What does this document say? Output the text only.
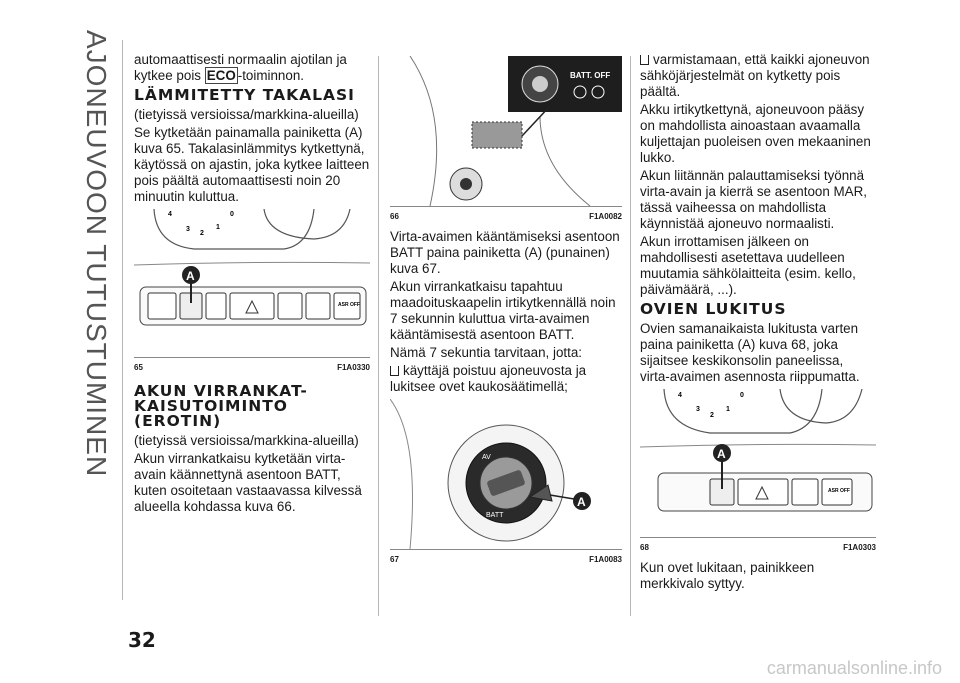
AJONEUVOON TUTUSTUMINEN automaattisesti normaalin ajotilan ja kytkee pois ECO -toiminnon.

LÄMMITETTY TAKALASI

(tietyissä versioissa/markkina-alueilla)

Se kytketään painamalla painiketta (A) kuva 65. Takalasinlämmitys kytkettynä, käytössä on ajastin, joka kytkee laitteen pois päältä automaattisesti noin 20 minuutin kuluttua.

4
3
2
1
0
ASR OFF
A
65	F1A0330
AKUN VIRRANKAT-KAISUTOIMINTO (EROTIN)

(tietyissä versioissa/markkina-alueilla)

Akun virrankatkaisu kytketään virta-avain käännettynä asentoon BATT, kuten osoitetaan vastaavassa kilvessä alueella kohdassa kuva 66.

BATT. OFF
66	F1A0082

Virta-avaimen kääntämiseksi asentoon BATT paina painiketta (A) (punainen) kuva 67.

Akun virrankatkaisu tapahtuu maadoituskaapelin irtikytkennällä noin 7 sekunnin kuluttua virta-avaimen kääntämisestä asentoon BATT.

Nämä 7 sekuntia tarvitaan, jotta:

käyttäjä poistuu ajoneuvosta ja lukitsee ovet kaukosäätimellä;

BATT
AV
A
67	F1A0083

varmistamaan, että kaikki ajoneuvon sähköjärjestelmät on kytketty pois päältä.

Akku irtikytkettynä, ajoneuvoon pääsy on mahdollista ainoastaan avaamalla kuljettajan puoleisen oven mekaaninen lukko.

Akun liitännän palauttamiseksi työnnä virta-avain ja kierrä se asentoon MAR, tässä vaiheessa on mahdollista käynnistää ajoneuvo normaalisti.

Akun irrottamisen jälkeen on mahdollisesti asetettava uudelleen muutamia sähkölaitteita (esim. kello, päivämäärä, ...).

OVIEN LUKITUS

Ovien samanaikaista lukitusta varten paina painiketta (A) kuva 68, joka sijaitsee keskikonsolin paneelissa, virta-avaimen asennosta riippumatta.

4
3
2
1
0
ASR OFF
A
68	F1A0303

Kun ovet lukitaan, painikkeen merkkivalo syttyy.

32
carmanualsonline.info
